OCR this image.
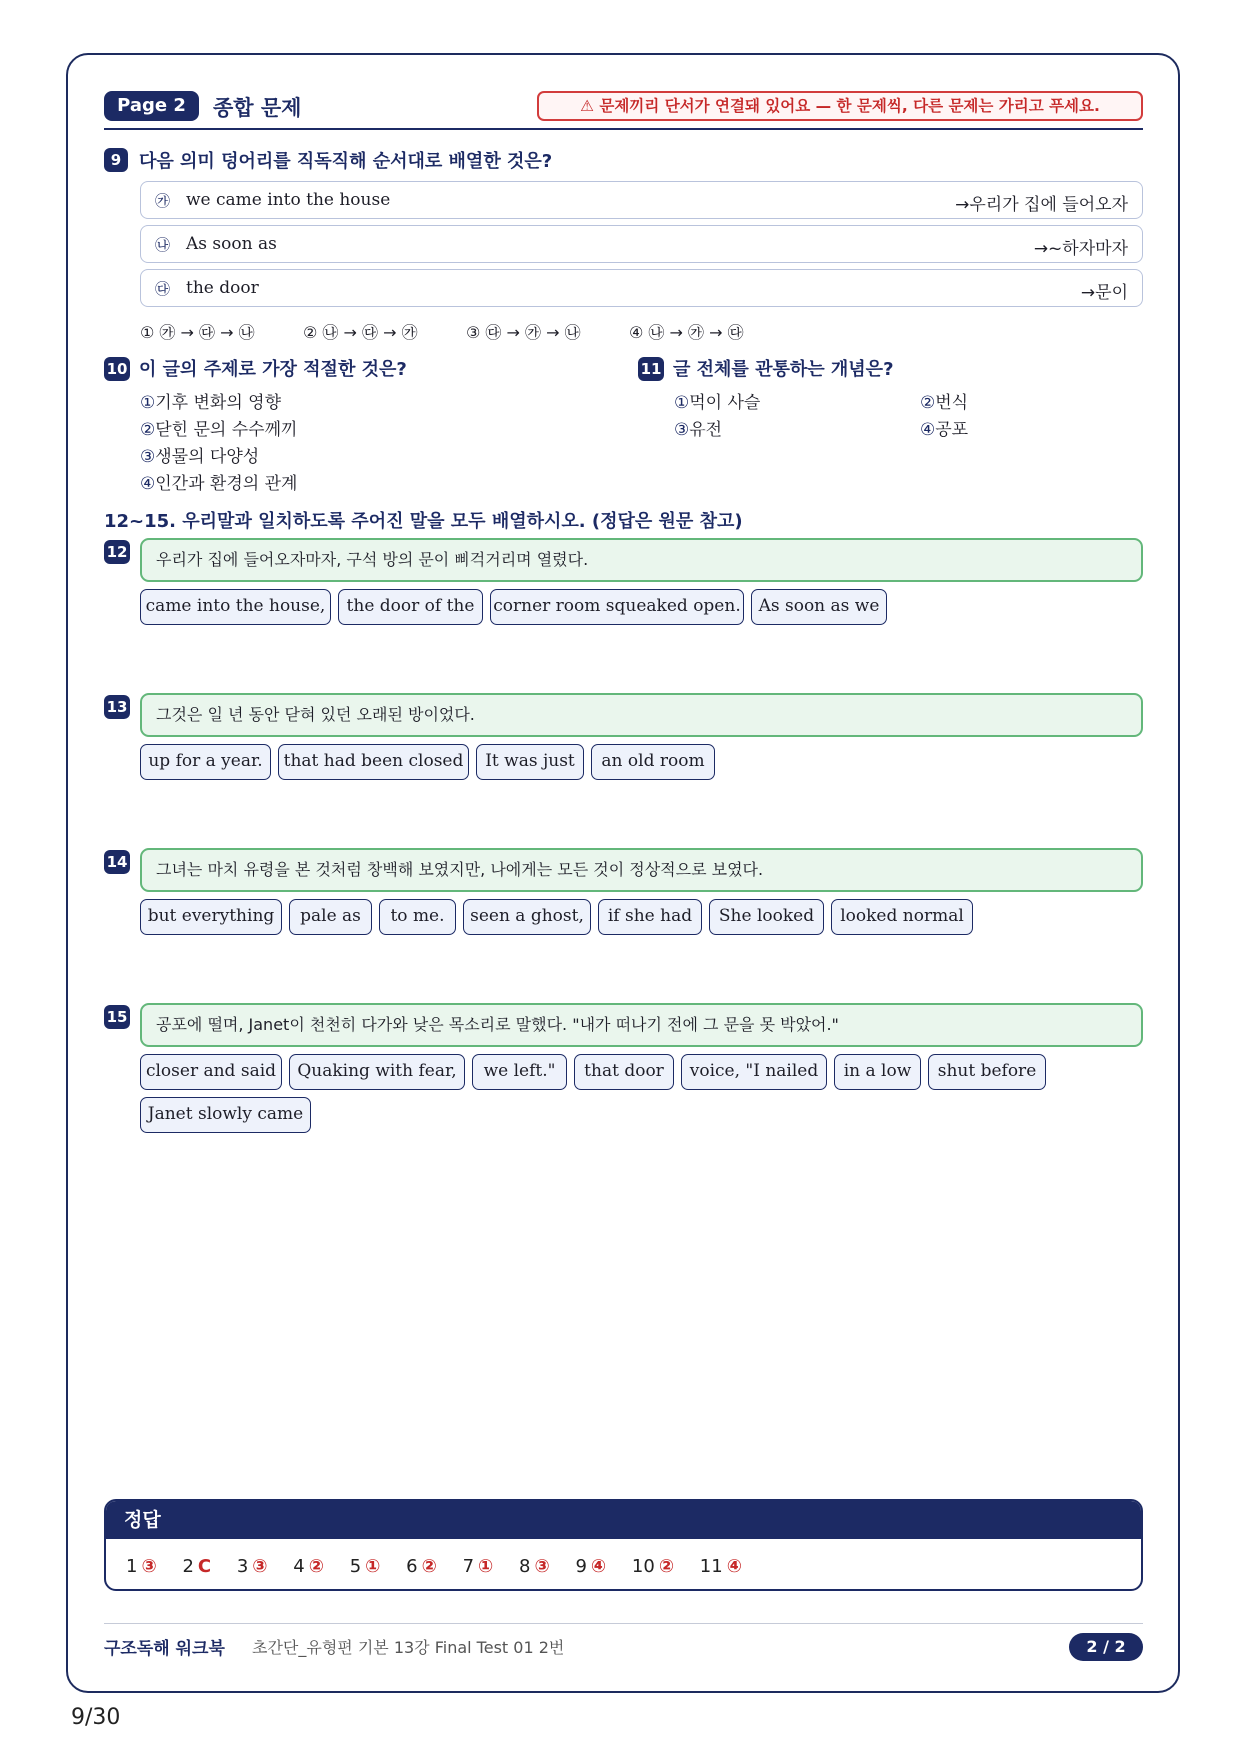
Page 2	종합 문제	⚠ 문제끼리 단서가 연결돼 있어요 — 한 문제씩, 다른 문제는 가리고 푸세요.
9 다음 의미 덩어리를 직독직해 순서대로 배열한 것은?
㉮ we came into the house	→우리가 집에 들어오자
㉯ As soon as	→~하자마자
㉰ the door	→문이
① ㉮ → ㉰ → ㉯	② ㉯ → ㉰ → ㉮	③ ㉰ → ㉮ → ㉯	④ ㉯ → ㉮ → ㉰
10 이 글의 주제로 가장 적절한 것은?
①기후 변화의 영향
②닫힌 문의 수수께끼
③생물의 다양성
④인간과 환경의 관계
11 글 전체를 관통하는 개념은?
①먹이 사슬	②번식
③유전	④공포
12~15. 우리말과 일치하도록 주어진 말을 모두 배열하시오. (정답은 원문 참고)
12	우리가 집에 들어오자마자, 구석 방의 문이 삐걱거리며 열렸다.
came into the house,	the door of the	corner room squeaked open.	As soon as we
13	그것은 일 년 동안 닫혀 있던 오래된 방이었다.
up for a year.	that had been closed	It was just	an old room
14	그녀는 마치 유령을 본 것처럼 창백해 보였지만, 나에게는 모든 것이 정상적으로 보였다.
but everything	pale as	to me.	seen a ghost,	if she had	She looked	looked normal
15	공포에 떨며, Janet이 천천히 다가와 낮은 목소리로 말했다. "내가 떠나기 전에 그 문을 못 박았어."
closer and said	Quaking with fear,	we left."	that door	voice, "I nailed	in a low	shut before
Janet slowly came
정답
1 ③ 2 C 3 ③ 4 ② 5 ① 6 ② 7 ① 8 ③ 9 ④ 10 ② 11 ④
구조독해 워크북 초간단_유형편 기본 13강 Final Test 01 2번	2 / 2
9/30
